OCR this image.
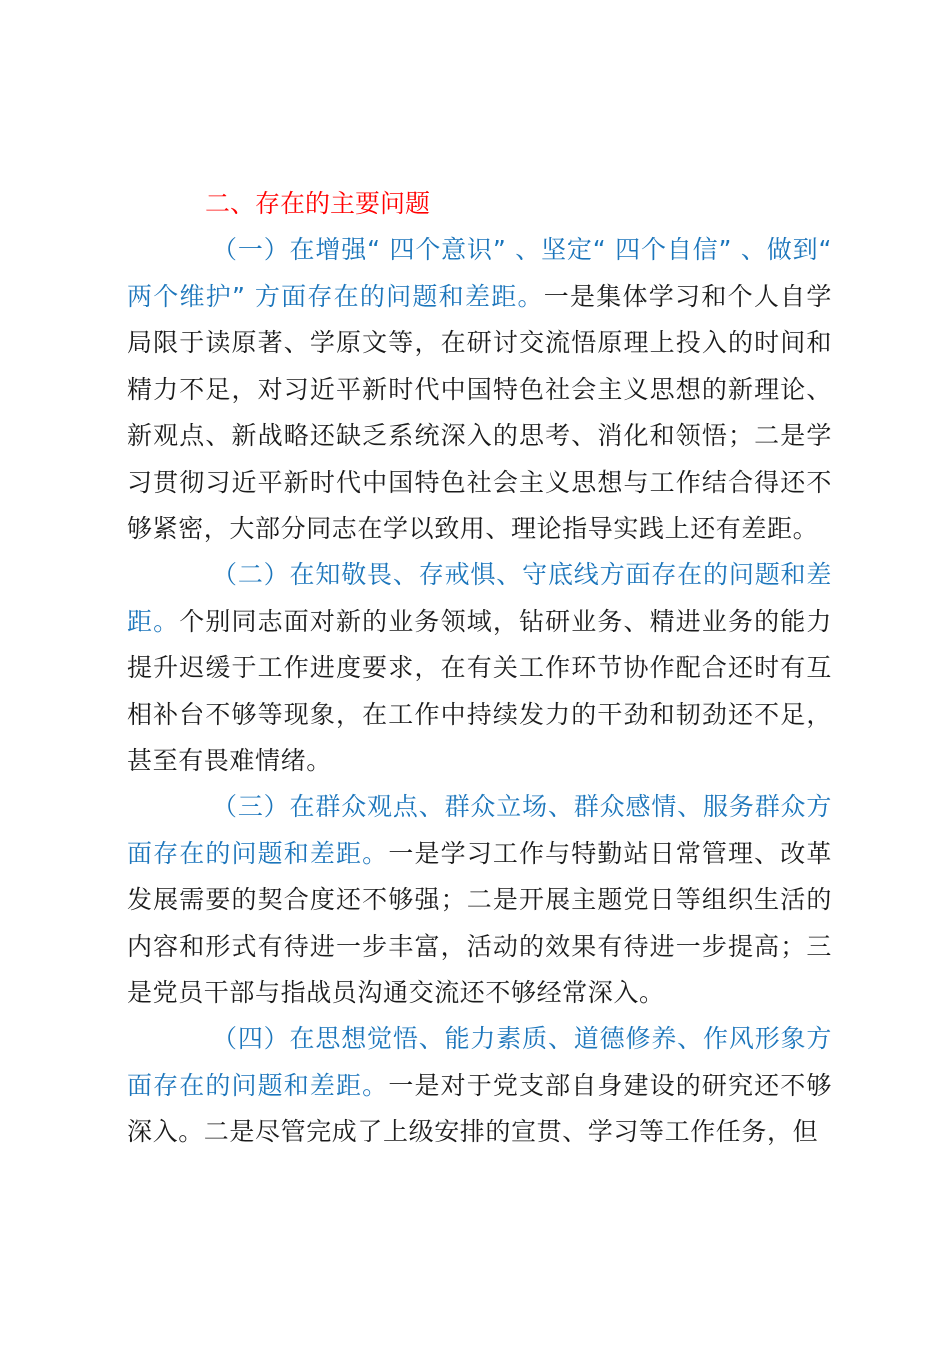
二、存在的主要问题

（一）在增强“ 四个意识” 、坚定“ 四个自信” 、做到“ 两个维护” 方面存在的问题和差距。一是集体学习和个人自学局限于读原著、学原文等，在研讨交流悟原理上投入的时间和精力不足，对习近平新时代中国特色社会主义思想的新理论、新观点、新战略还缺乏系统深入的思考、消化和领悟；二是学习贯彻习近平新时代中国特色社会主义思想与工作结合得还不够紧密，大部分同志在学以致用、理论指导实践上还有差距。

（二）在知敬畏、存戒惧、守底线方面存在的问题和差距。个别同志面对新的业务领域，钻研业务、精进业务的能力提升迟缓于工作进度要求，在有关工作环节协作配合还时有互相补台不够等现象，在工作中持续发力的干劲和韧劲还不足，甚至有畏难情绪。

（三）在群众观点、群众立场、群众感情、服务群众方面存在的问题和差距。一是学习工作与特勤站日常管理、改革发展需要的契合度还不够强；二是开展主题党日等组织生活的内容和形式有待进一步丰富，活动的效果有待进一步提高；三是党员干部与指战员沟通交流还不够经常深入。

（四）在思想觉悟、能力素质、道德修养、作风形象方面存在的问题和差距。一是对于党支部自身建设的研究还不够深入。二是尽管完成了上级安排的宣贯、学习等工作任务，但
